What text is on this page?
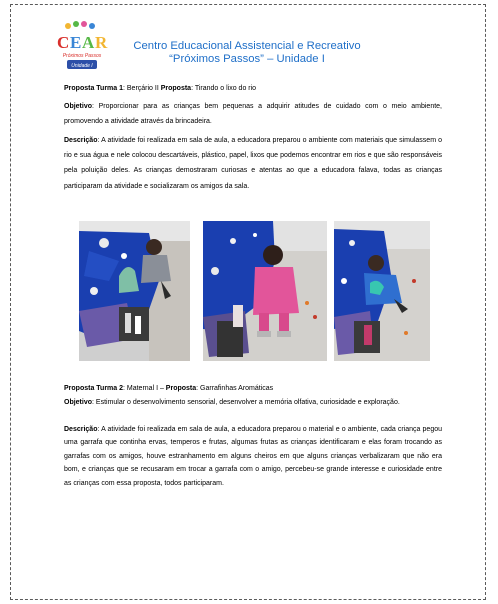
C E A R
Próximos Passos
Unidade I
Centro Educacional Assistencial e Recreativo
“Próximos Passos” – Unidade I
Proposta Turma 1: Berçário II Proposta: Tirando o lixo do rio
Objetivo: Proporcionar para as crianças bem pequenas a adquirir atitudes de cuidado com o meio ambiente, promovendo a atividade através da brincadeira.
Descrição: A atividade foi realizada em sala de aula, a educadora preparou o ambiente com materiais que simulassem o rio e sua água e nele colocou descartáveis, plástico, papel, lixos que podemos encontrar em rios e que são responsáveis pela poluição deles. As crianças demostraram curiosas e atentas ao que a educadora falava, todas as crianças participaram da atividade e socializaram os amigos da sala.
Proposta Turma 2: Maternal I – Proposta: Garrafinhas Aromáticas
Objetivo: Estimular o desenvolvimento sensorial, desenvolver a memória olfativa, curiosidade e exploração.
Descrição: A atividade foi realizada em sala de aula, a educadora preparou o material e o ambiente, cada criança pegou uma garrafa que continha ervas, temperos e frutas, algumas frutas as crianças identificaram e elas foram trocando as garrafas com os amigos, houve estranhamento em alguns cheiros em que alguns crianças verbalizaram que não era bom, e crianças que se recusaram em trocar a garrafa com o amigo, percebeu-se grande interesse e curiosidade entre as crianças com essa proposta, todos participaram.
